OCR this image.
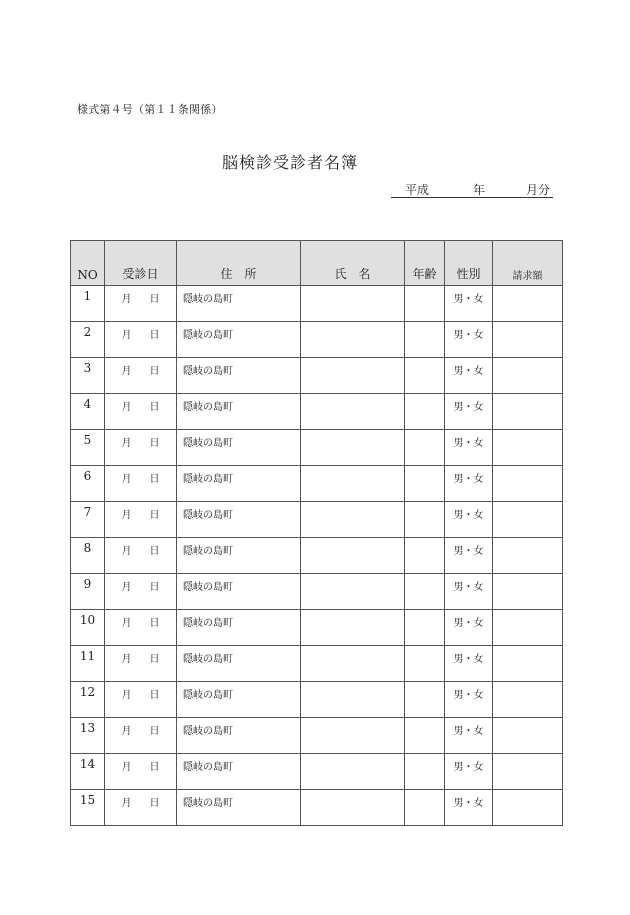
様式第４号（第１１条関係）
脳検診受診者名簿
平成	年	月分
NO	受診日	住　所	氏　名	年齢	性別	請求額
1	月 日	隠岐の島町			男・女	
2	月 日	隠岐の島町			男・女	
3	月 日	隠岐の島町			男・女	
4	月 日	隠岐の島町			男・女	
5	月 日	隠岐の島町			男・女	
6	月 日	隠岐の島町			男・女	
7	月 日	隠岐の島町			男・女	
8	月 日	隠岐の島町			男・女	
9	月 日	隠岐の島町			男・女	
10	月 日	隠岐の島町			男・女	
11	月 日	隠岐の島町			男・女	
12	月 日	隠岐の島町			男・女	
13	月 日	隠岐の島町			男・女	
14	月 日	隠岐の島町			男・女	
15	月 日	隠岐の島町			男・女	
